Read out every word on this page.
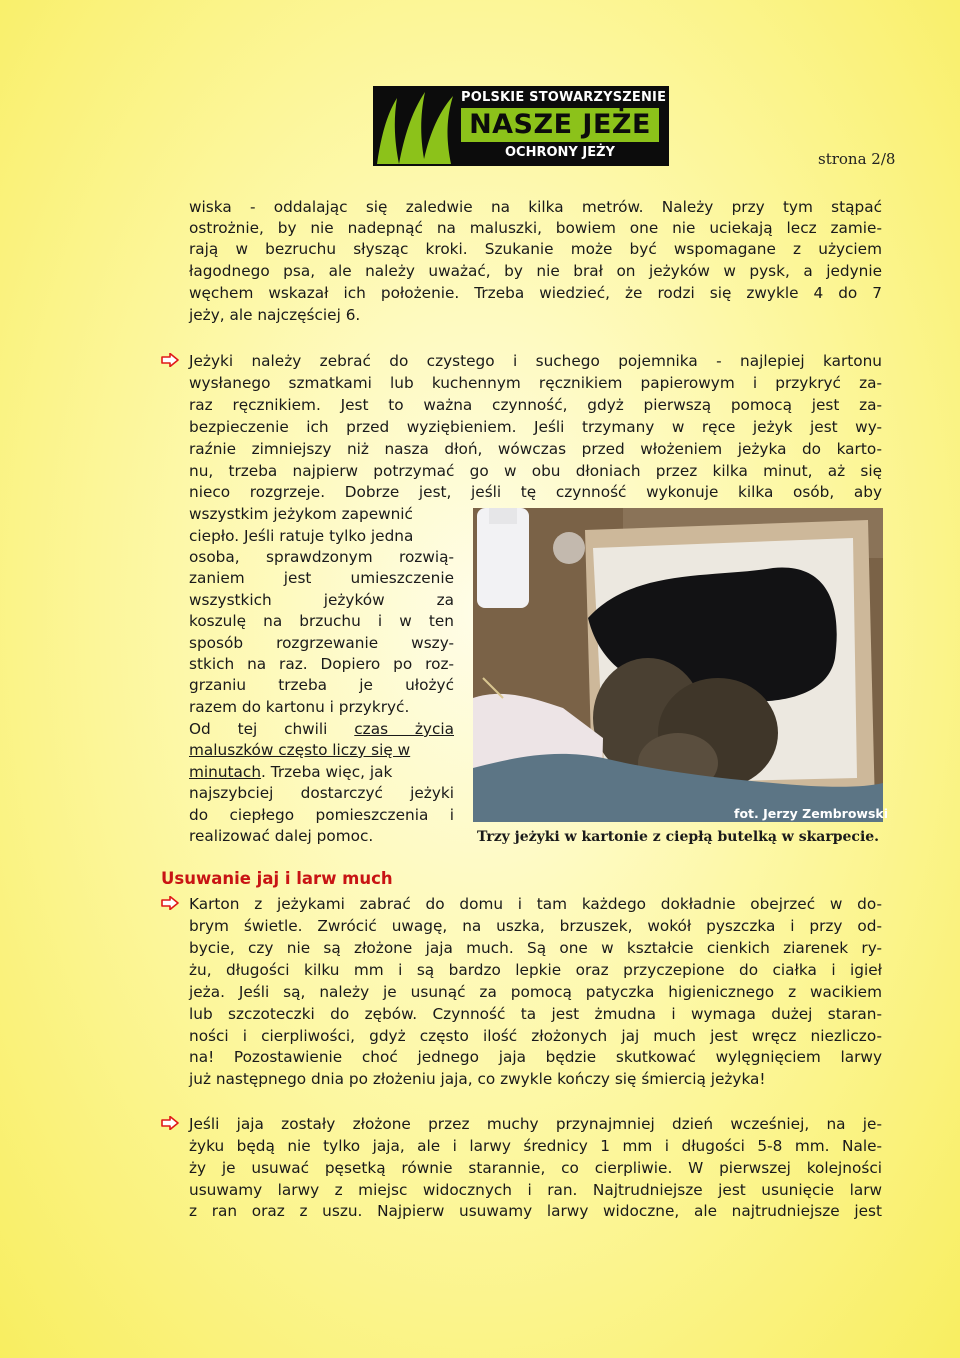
POLSKIE STOWARZYSZENIE
NASZE JEŻE
OCHRONY JEŻY	strona 2/8
wiska - oddalając się zaledwie na kilka metrów. Należy przy tym stąpać
ostrożnie, by nie nadepnąć na maluszki, bowiem one nie uciekają lecz zamie-
rają w bezruchu słysząc kroki. Szukanie może być wspomagane z użyciem
łagodnego psa, ale należy uważać, by nie brał on jeżyków w pysk, a jedynie
węchem wskazał ich położenie. Trzeba wiedzieć, że rodzi się zwykle 4 do 7
jeży, ale najczęściej 6.
Jeżyki należy zebrać do czystego i suchego pojemnika - najlepiej kartonu
wysłanego szmatkami lub kuchennym ręcznikiem papierowym i przykryć za-
raz ręcznikiem. Jest to ważna czynność, gdyż pierwszą pomocą jest za-
bezpieczenie ich przed wyziębieniem. Jeśli trzymany w ręce jeżyk jest wy-
raźnie zimniejszy niż nasza dłoń, wówczas przed włożeniem jeżyka do karto-
nu, trzeba najpierw potrzymać go w obu dłoniach przez kilka minut, aż się
nieco rozgrzeje. Dobrze jest, jeśli tę czynność wykonuje kilka osób, aby
wszystkim jeżykom zapewnić
ciepło. Jeśli ratuje tylko jedna
osoba, sprawdzonym rozwią-
zaniem jest umieszczenie
wszystkich jeżyków za
koszulę na brzuchu i w ten
sposób rozgrzewanie wszy-
stkich na raz. Dopiero po roz-
grzaniu trzeba je ułożyć
razem do kartonu i przykryć.
Od tej chwili czas życia
maluszków często liczy się w
minutach. Trzeba więc, jak
najszybciej dostarczyć jeżyki
do ciepłego pomieszczenia i
realizować dalej pomoc.
fot. Jerzy Zembrowski
Trzy jeżyki w kartonie z ciepłą butelką w skarpecie.
Usuwanie jaj i larw much
Karton z jeżykami zabrać do domu i tam każdego dokładnie obejrzeć w do-
brym świetle. Zwrócić uwagę, na uszka, brzuszek, wokół pyszczka i przy od-
bycie, czy nie są złożone jaja much. Są one w kształcie cienkich ziarenek ry-
żu, długości kilku mm i są bardzo lepkie oraz przyczepione do ciałka i igieł
jeża. Jeśli są, należy je usunąć za pomocą patyczka higienicznego z wacikiem
lub szczoteczki do zębów. Czynność ta jest żmudna i wymaga dużej staran-
ności i cierpliwości, gdyż często ilość złożonych jaj much jest wręcz niezliczo-
na! Pozostawienie choć jednego jaja będzie skutkować wylęgnięciem larwy
już następnego dnia po złożeniu jaja, co zwykle kończy się śmiercią jeżyka!
Jeśli jaja zostały złożone przez muchy przynajmniej dzień wcześniej, na je-
żyku będą nie tylko jaja, ale i larwy średnicy 1 mm i długości 5-8 mm. Nale-
ży je usuwać pęsetką równie starannie, co cierpliwie. W pierwszej kolejności
usuwamy larwy z miejsc widocznych i ran. Najtrudniejsze jest usunięcie larw
z ran oraz z uszu. Najpierw usuwamy larwy widoczne, ale najtrudniejsze jest
